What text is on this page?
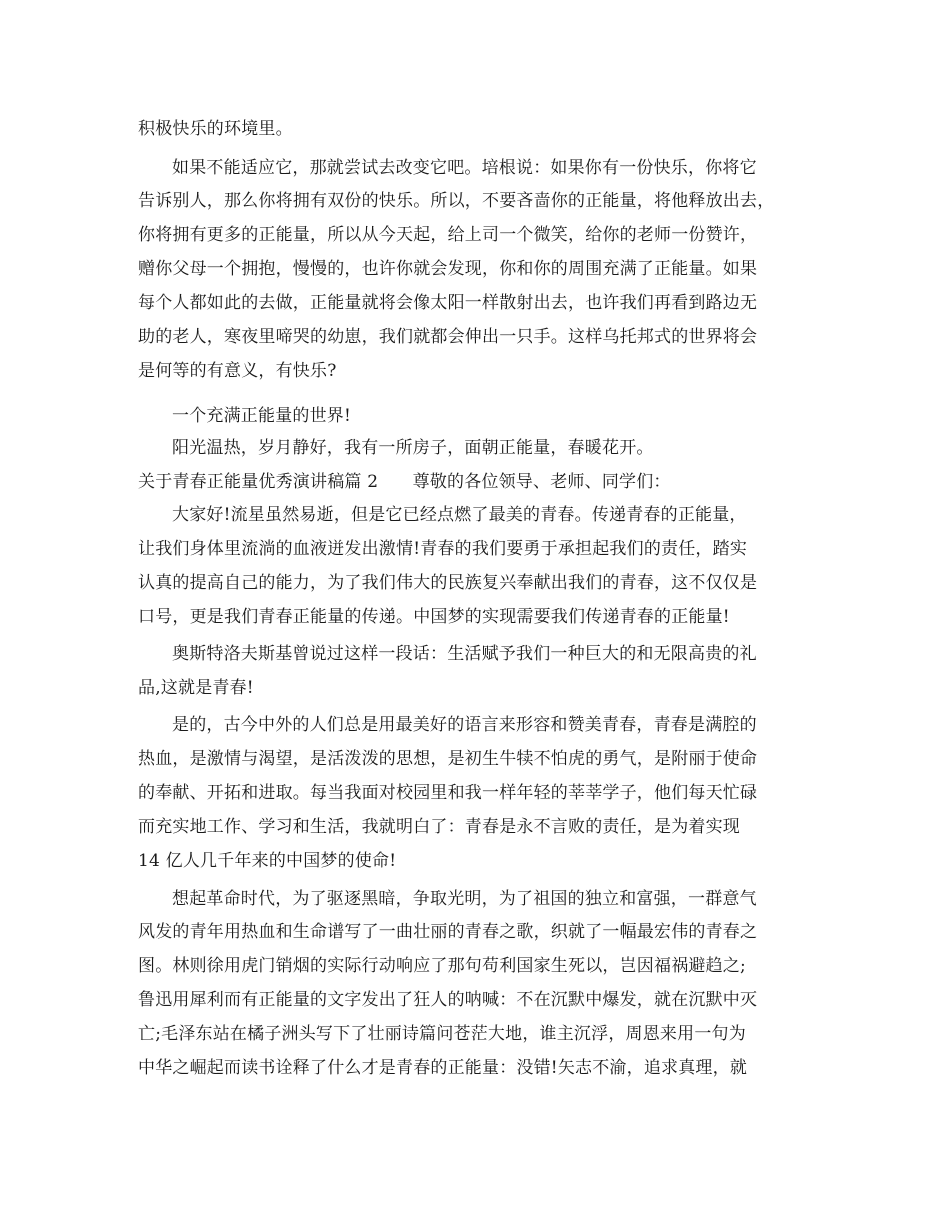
积极快乐的环境里。
如果不能适应它，那就尝试去改变它吧。培根说：如果你有一份快乐，你将它
告诉别人，那么你将拥有双份的快乐。所以，不要吝啬你的正能量，将他释放出去，
你将拥有更多的正能量，所以从今天起，给上司一个微笑，给你的老师一份赞许，
赠你父母一个拥抱，慢慢的，也许你就会发现，你和你的周围充满了正能量。如果
每个人都如此的去做，正能量就将会像太阳一样散射出去，也许我们再看到路边无
助的老人，寒夜里啼哭的幼崽，我们就都会伸出一只手。这样乌托邦式的世界将会
是何等的有意义，有快乐?
一个充满正能量的世界!
阳光温热，岁月静好，我有一所房子，面朝正能量，春暖花开。
关于青春正能量优秀演讲稿篇 2　　尊敬的各位领导、老师、同学们：
大家好!流星虽然易逝，但是它已经点燃了最美的青春。传递青春的正能量，
让我们身体里流淌的血液迸发出激情!青春的我们要勇于承担起我们的责任，踏实
认真的提高自己的能力，为了我们伟大的民族复兴奉献出我们的青春，这不仅仅是
口号，更是我们青春正能量的传递。中国梦的实现需要我们传递青春的正能量!
奥斯特洛夫斯基曾说过这样一段话：生活赋予我们一种巨大的和无限高贵的礼
品,这就是青春!
是的，古今中外的人们总是用最美好的语言来形容和赞美青春，青春是满腔的
热血，是激情与渴望，是活泼泼的思想，是初生牛犊不怕虎的勇气，是附丽于使命
的奉献、开拓和进取。每当我面对校园里和我一样年轻的莘莘学子，他们每天忙碌
而充实地工作、学习和生活，我就明白了：青春是永不言败的责任，是为着实现
14 亿人几千年来的中国梦的使命!
想起革命时代，为了驱逐黑暗，争取光明，为了祖国的独立和富强，一群意气
风发的青年用热血和生命谱写了一曲壮丽的青春之歌，织就了一幅最宏伟的青春之
图。林则徐用虎门销烟的实际行动响应了那句苟利国家生死以，岂因福祸避趋之;
鲁迅用犀利而有正能量的文字发出了狂人的呐喊：不在沉默中爆发，就在沉默中灭
亡;毛泽东站在橘子洲头写下了壮丽诗篇问苍茫大地，谁主沉浮，周恩来用一句为
中华之崛起而读书诠释了什么才是青春的正能量：没错!矢志不渝，追求真理，就
